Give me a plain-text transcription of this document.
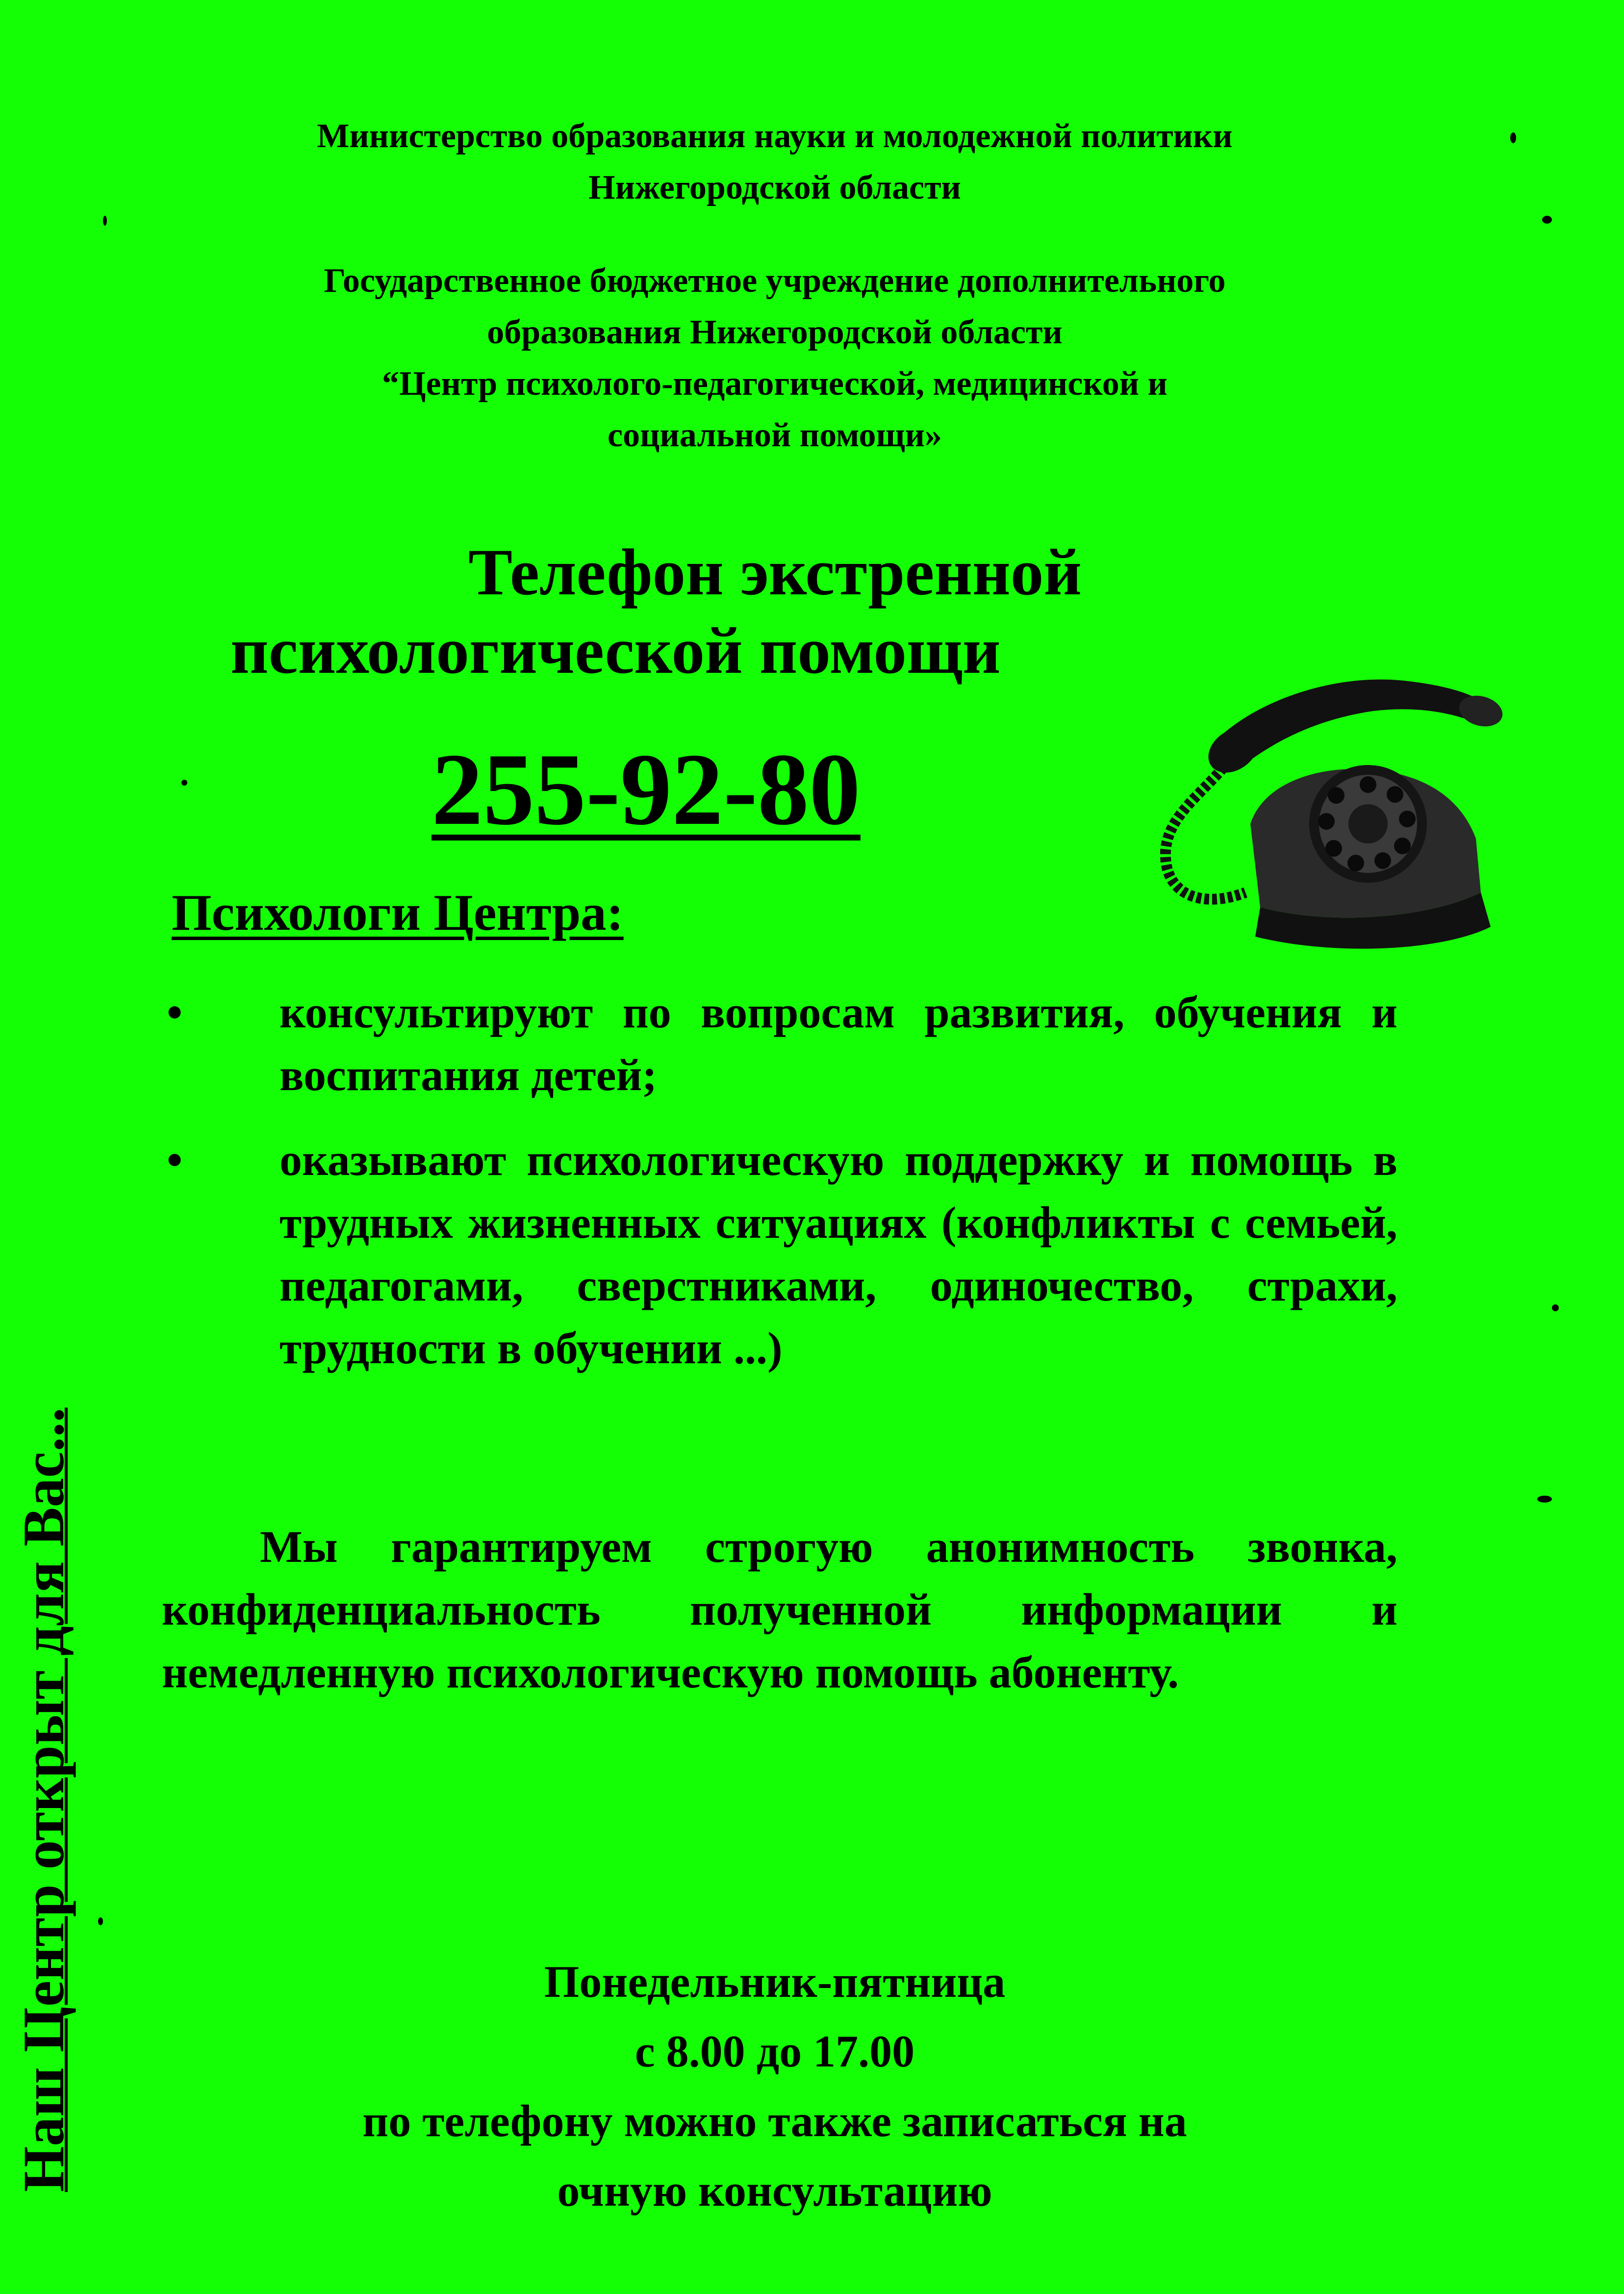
Министерство образования науки и молодежной политики
Нижегородской области
Государственное бюджетное учреждение дополнительного
образования Нижегородской области
“Центр психолого-педагогической, медицинской и
социальной помощи»
Телефон экстренной
психологической помощи
255-92-80
Психологи Центра:
• консультируют по вопросам развития, обучения и воспитания детей;
• оказывают психологическую поддержку и помощь в трудных жизненных ситуациях (конфликты с семьей, педагогами, сверстниками, одиночество, страхи, трудности в обучении ...)
Мы гарантируем строгую анонимность звонка, конфиденциальность полученной информации и немедленную психологическую помощь абоненту.
Понедельник-пятница
с 8.00 до 17.00
по телефону можно также записаться на
очную консультацию
Наш Центр открыт для Вас...
